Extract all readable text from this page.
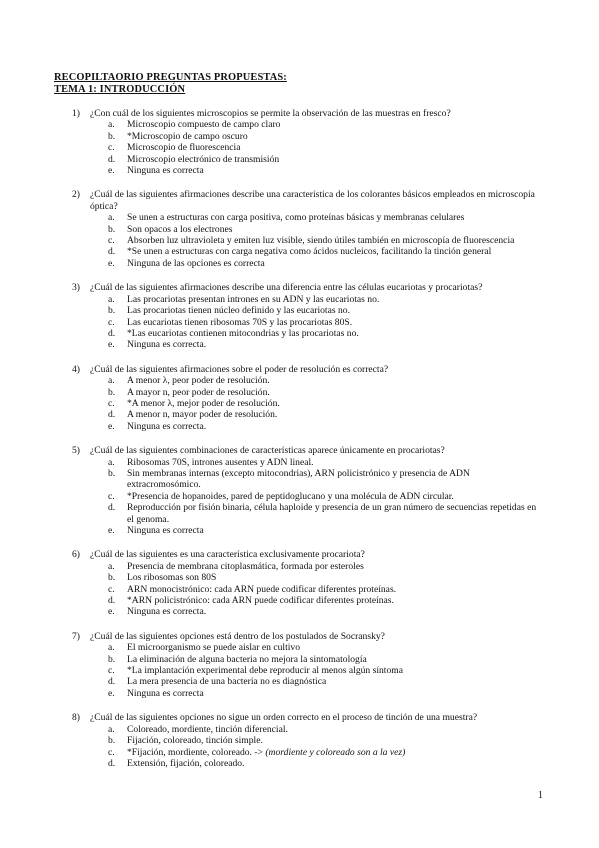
RECOPILTAORIO PREGUNTAS PROPUESTAS:
TEMA 1: INTRODUCCIÓN
1) ¿Con cuál de los siguientes microscopios se permite la observación de las muestras en fresco?
a. Microscopio compuesto de campo claro
b. *Microscopio de campo oscuro
c. Microscopio de fluorescencia
d. Microscopio electrónico de transmisión
e. Ninguna es correcta
2) ¿Cuál de las siguientes afirmaciones describe una característica de los colorantes básicos empleados en microscopía óptica?
a. Se unen a estructuras con carga positiva, como proteínas básicas y membranas celulares
b. Son opacos a los electrones
c. Absorben luz ultravioleta y emiten luz visible, siendo útiles también en microscopía de fluorescencia
d. *Se unen a estructuras con carga negativa como ácidos nucleicos, facilitando la tinción general
e. Ninguna de las opciones es correcta
3) ¿Cuál de las siguientes afirmaciones describe una diferencia entre las células eucariotas y procariotas?
a. Las procariotas presentan intrones en su ADN y las eucariotas no.
b. Las procariotas tienen núcleo definido y las eucariotas no.
c. Las eucariotas tienen ribosomas 70S y las procariotas 80S.
d. *Las eucariotas contienen mitocondrias y las procariotas no.
e. Ninguna es correcta.
4) ¿Cuál de las siguientes afirmaciones sobre el poder de resolución es correcta?
a. A menor λ, peor poder de resolución.
b. A mayor n, peor poder de resolución.
c. *A menor λ, mejor poder de resolución.
d. A menor n, mayor poder de resolución.
e. Ninguna es correcta.
5) ¿Cuál de las siguientes combinaciones de características aparece únicamente en procariotas?
a. Ribosomas 70S, intrones ausentes y ADN lineal.
b. Sin membranas internas (excepto mitocondrias), ARN policistrónico y presencia de ADN extracromosómico.
c. *Presencia de hopanoides, pared de peptidoglucano y una molécula de ADN circular.
d. Reproducción por fisión binaria, célula haploide y presencia de un gran número de secuencias repetidas en el genoma.
e. Ninguna es correcta
6) ¿Cuál de las siguientes es una característica exclusivamente procariota?
a. Presencia de membrana citoplasmática, formada por esteroles
b. Los ribosomas son 80S
c. ARN monocistrónico: cada ARN puede codificar diferentes proteínas.
d. *ARN policistrónico: cada ARN puede codificar diferentes proteínas.
e. Ninguna es correcta.
7) ¿Cuál de las siguientes opciones está dentro de los postulados de Socransky?
a. El microorganismo se puede aislar en cultivo
b. La eliminación de alguna bacteria no mejora la sintomatología
c. *La implantación experimental debe reproducir al menos algún síntoma
d. La mera presencia de una bacteria no es diagnóstica
e. Ninguna es correcta
8) ¿Cuál de las siguientes opciones no sigue un orden correcto en el proceso de tinción de una muestra?
a. Coloreado, mordiente, tinción diferencial.
b. Fijación, coloreado, tinción simple.
c. *Fijación, mordiente, coloreado. -> (mordiente y coloreado son a la vez)
d. Extensión, fijación, coloreado.
1
